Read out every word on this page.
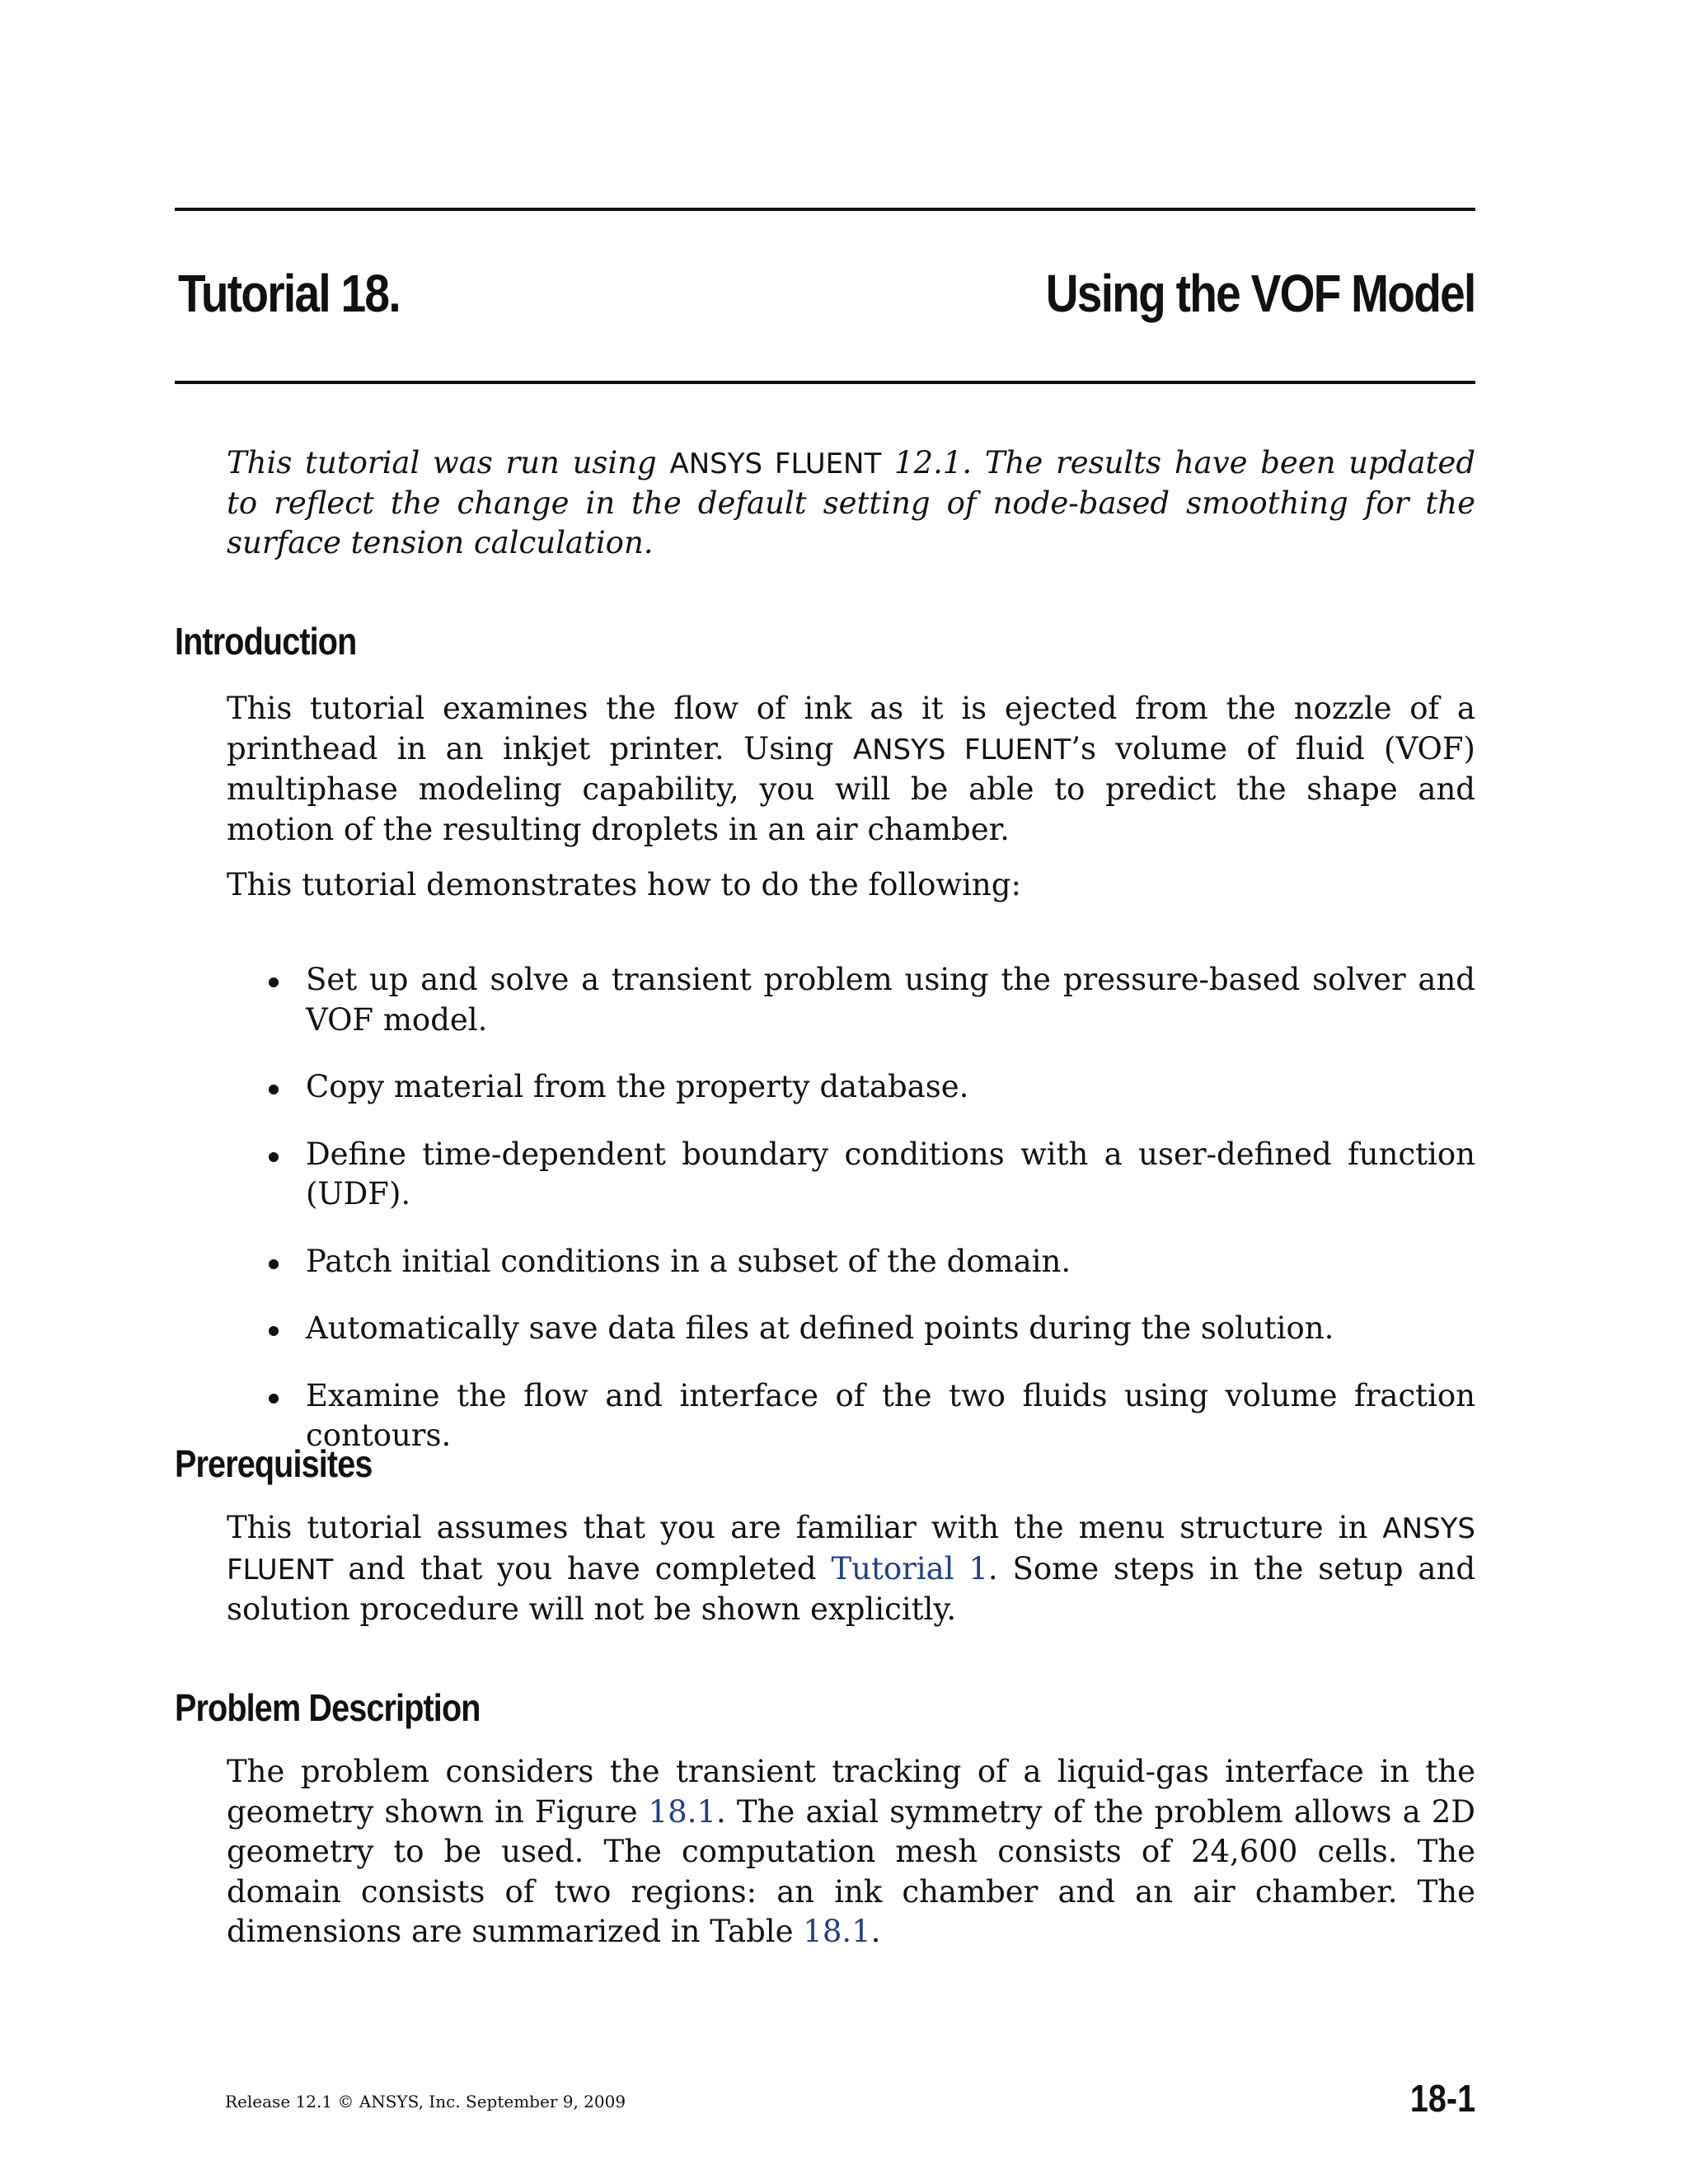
Tutorial 18.	Using the VOF Model
This tutorial was run using ANSYS FLUENT 12.1. The results have been updated to reflect the change in the default setting of node-based smoothing for the surface tension calculation.
Introduction

This tutorial examines the flow of ink as it is ejected from the nozzle of a printhead in an inkjet printer. Using ANSYS FLUENT’s volume of fluid (VOF) multiphase modeling capability, you will be able to predict the shape and motion of the resulting droplets in an air chamber.

This tutorial demonstrates how to do the following:

Set up and solve a transient problem using the pressure-based solver and VOF model.
Copy material from the property database.
Define time-dependent boundary conditions with a user-defined function (UDF).
Patch initial conditions in a subset of the domain.
Automatically save data files at defined points during the solution.
Examine the flow and interface of the two fluids using volume fraction contours.
Prerequisites

This tutorial assumes that you are familiar with the menu structure in ANSYS FLUENT and that you have completed Tutorial 1. Some steps in the setup and solution procedure will not be shown explicitly.

Problem Description

The problem considers the transient tracking of a liquid-gas interface in the geometry shown in Figure 18.1. The axial symmetry of the problem allows a 2D geometry to be used. The computation mesh consists of 24,600 cells. The domain consists of two regions: an ink chamber and an air chamber. The dimensions are summarized in Table 18.1.

Release 12.1 © ANSYS, Inc. September 9, 2009	18-1
